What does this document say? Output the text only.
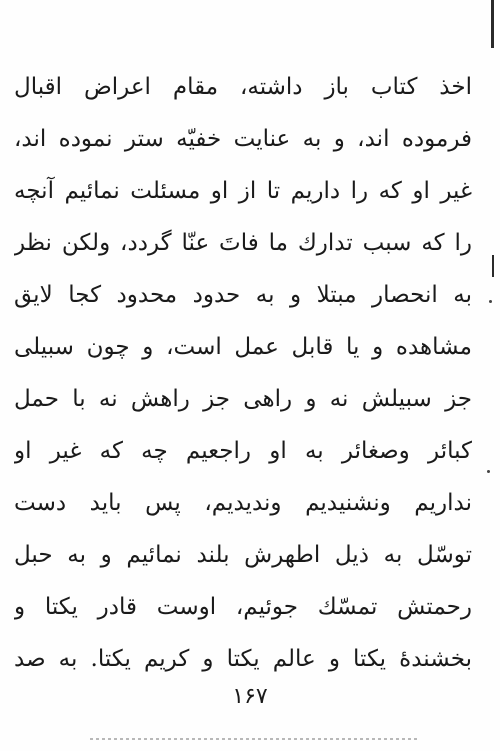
اخذ کتاب باز داشته، مقام اعراض اقبال
فرموده اند، و به عنایت خفیّه ستر نموده اند،
غیر او که را داریم تا از او مسئلت نمائیم آنچه
را که سبب تدارك ما فاتَ عنّا گردد، ولکن نظر
به انحصار مبتلا و به حدود محدود کجا لایق
مشاهده و یا قابل عمل است، و چون سبیلی
جز سبیلش نه و راهی جز راهش نه با حمل
کبائر وصغائر به او راجعیم چه که غیر او
نداریم ونشنیدیم وندیدیم، پس باید دست
توسّل به ذیل اطهرش بلند نمائیم و به حبل
رحمتش تمسّك جوئیم، اوست قادر یکتا و
بخشندهٔ یکتا و عالم یکتا و کریم یکتا. به صد
۱۶۷
